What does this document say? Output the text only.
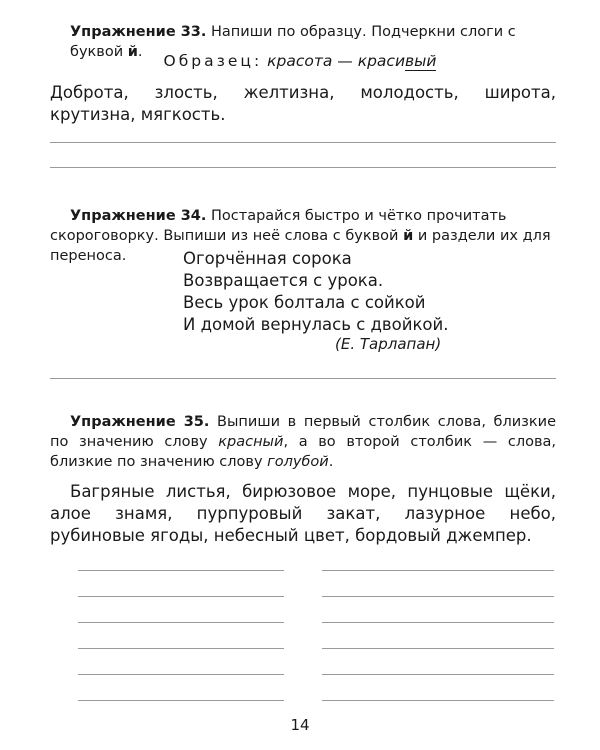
Упражнение 33. Напиши по образцу. Подчеркни слоги с буквой й.	Образец: красота — красивый
Доброта, злость, желтизна, молодость, широта, крутизна, мягкость.
Упражнение 34. Постарайся быстро и чётко прочитать скороговорку. Выпиши из неё слова с буквой й и раздели их для переноса.	Огорчённая сорока
Возвращается с урока.
Весь урок болтала с сойкой
И домой вернулась с двойкой.
(Е. Тарлапан)
Упражнение 35. Выпиши в первый столбик слова, близкие по значению слову красный, а во второй столбик — слова, близкие по значению слову голубой.
Багряные листья, бирюзовое море, пунцовые щёки, алое знамя, пурпуровый закат, лазурное небо, рубиновые ягоды, небесный цвет, бордовый джемпер.
14
